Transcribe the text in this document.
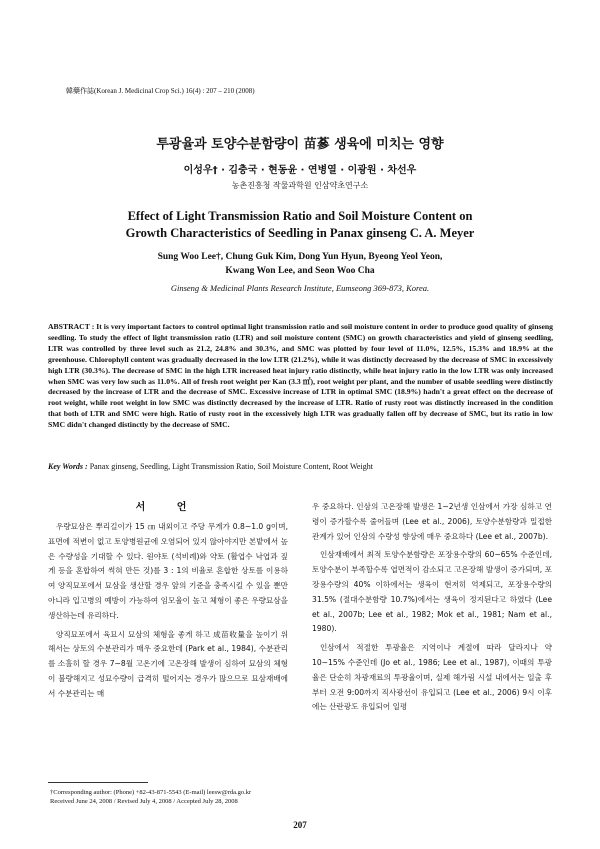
韓藥作誌(Korean J. Medicinal Crop Sci.) 16(4) : 207 – 210 (2008)
투광율과 토양수분함량이 苗蔘 생육에 미치는 영향
이성우† · 김충국 · 현동윤 · 연병열 · 이광원 · 차선우
농촌진흥청 작물과학원 인삼약초연구소
Effect of Light Transmission Ratio and Soil Moisture Content on
Growth Characteristics of Seedling in Panax ginseng C. A. Meyer
Sung Woo Lee†, Chung Guk Kim, Dong Yun Hyun, Byeong Yeol Yeon,
Kwang Won Lee, and Seon Woo Cha
Ginseng & Medicinal Plants Research Institute, Eumseong 369-873, Korea.
ABSTRACT : It is very important factors to control optimal light transmission ratio and soil moisture content in order to produce good quality of ginseng seedling. To study the effect of light transmission ratio (LTR) and soil moisture content (SMC) on growth characteristics and yield of ginseng seedling, LTR was controlled by three level such as 21.2, 24.8% and 30.3%, and SMC was plotted by four level of 11.0%, 12.5%, 15.3% and 18.9% at the greenhouse. Chlorophyll content was gradually decreased in the low LTR (21.2%), while it was distinctly decreased by the decrease of SMC in excessively high LTR (30.3%). The decrease of SMC in the high LTR increased heat injury ratio distinctly, while heat injury ratio in the low LTR was only increased when SMC was very low such as 11.0%. All of fresh root weight per Kan (3.3 ㎡), root weight per plant, and the number of usable seedling were distinctly decreased by the increase of LTR and the decrease of SMC. Excessive increase of LTR in optimal SMC (18.9%) hadn't a great effect on the decrease of root weight, while root weight in low SMC was distinctly decreased by the increase of LTR. Ratio of rusty root was distinctly increased in the condition that both of LTR and SMC were high. Ratio of rusty root in the excessively high LTR was gradually fallen off by decrease of SMC, but its ratio in low SMC didn't changed distinctly by the decrease of SMC.
Key Words : Panax ginseng, Seedling, Light Transmission Ratio, Soil Moisture Content, Root Weight
서 언

우량묘삼은 뿌리길이가 15 ㎝ 내외이고 주당 무게가 0.8~1.0 g이며, 표면에 적변이 없고 토양병원균에 오염되어 있지 않아야지만 본밭에서 높은 수량성을 기대할 수 있다. 원야토 (석비례)와 약토 (활엽수 낙엽과 짚게 등을 혼합하여 썩혀 만든 것)를 3 : 1의 비율로 혼합한 상토를 이용하여 양직묘포에서 묘삼을 생산할 경우 앞의 기준을 충족시킬 수 있을 뿐만 아니라 입고병의 예방이 가능하여 임모율이 높고 체형이 좋은 우량묘삼을 생산하는데 유리하다.

양직묘포에서 육묘시 묘삼의 체형을 좋게 하고 成苗收量을 높이기 위해서는 상토의 수분관리가 매우 중요한데 (Park et al., 1984), 수분관리를 소홀히 할 경우 7~8월 고온기에 고온장해 발생이 심하여 묘삼의 체형이 불량해지고 성묘수량이 급격히 떨어지는 경우가 많으므로 묘삼재배에서 수분관리는 매

우 중요하다. 인삼의 고온장해 발생은 1~2년생 인삼에서 가장 심하고 연령이 증가할수록 줄어들며 (Lee et al., 2006), 토양수분함량과 밀접한 관계가 있어 인삼의 수량성 향상에 매우 중요하다 (Lee et al., 2007b).

인삼재배에서 최적 토양수분함량은 포장용수량의 60~65% 수준인데, 토양수분이 부족할수록 엽면적이 감소되고 고온장해 발생이 증가되며, 포장용수량의 40% 이하에서는 생육이 현저히 억제되고, 포장용수량의 31.5% (절대수분함량 10.7%)에서는 생육이 정지된다고 하였다 (Lee et al., 2007b; Lee et al., 1982; Mok et al., 1981; Nam et al., 1980).

인삼에서 적절한 투광율은 지역이나 계절에 따라 달라지나 약 10~15% 수준인데 (Jo et al., 1986; Lee et al., 1987), 이때의 투광율은 단순히 차광재료의 투광율이며, 실제 해가림 시설 내에서는 일출 후부터 오전 9:00까지 직사광선이 유입되고 (Lee et al., 2006) 9시 이후에는 산란광도 유입되어 일평

†Corresponding author: (Phone) +82-43-871-5543 (E-mail) leesw@rda.go.kr
Received June 24, 2008 / Revised July 4, 2008 / Accepted July 28, 2008
207
